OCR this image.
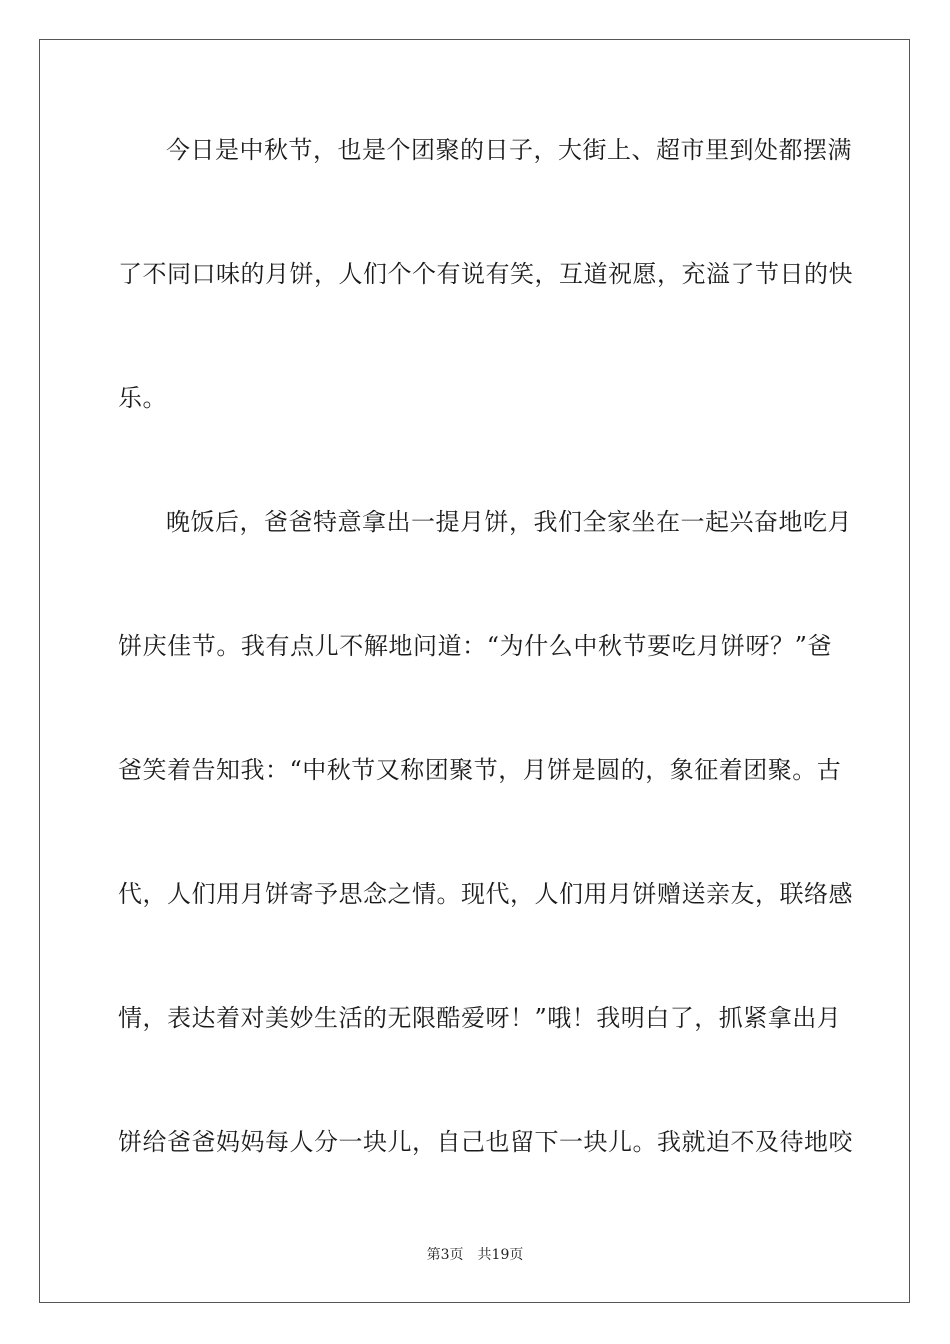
今日是中秋节，也是个团聚的日子，大街上、超市里到处都摆满
了不同口味的月饼，人们个个有说有笑，互道祝愿，充溢了节日的快
乐。
晚饭后，爸爸特意拿出一提月饼，我们全家坐在一起兴奋地吃月
饼庆佳节。我有点儿不解地问道：“为什么中秋节要吃月饼呀？”爸
爸笑着告知我：“中秋节又称团聚节，月饼是圆的，象征着团聚。古
代，人们用月饼寄予思念之情。现代，人们用月饼赠送亲友，联络感
情，表达着对美妙生活的无限酷爱呀！”哦！我明白了，抓紧拿出月
饼给爸爸妈妈每人分一块儿，自己也留下一块儿。我就迫不及待地咬
第3页 共19页
